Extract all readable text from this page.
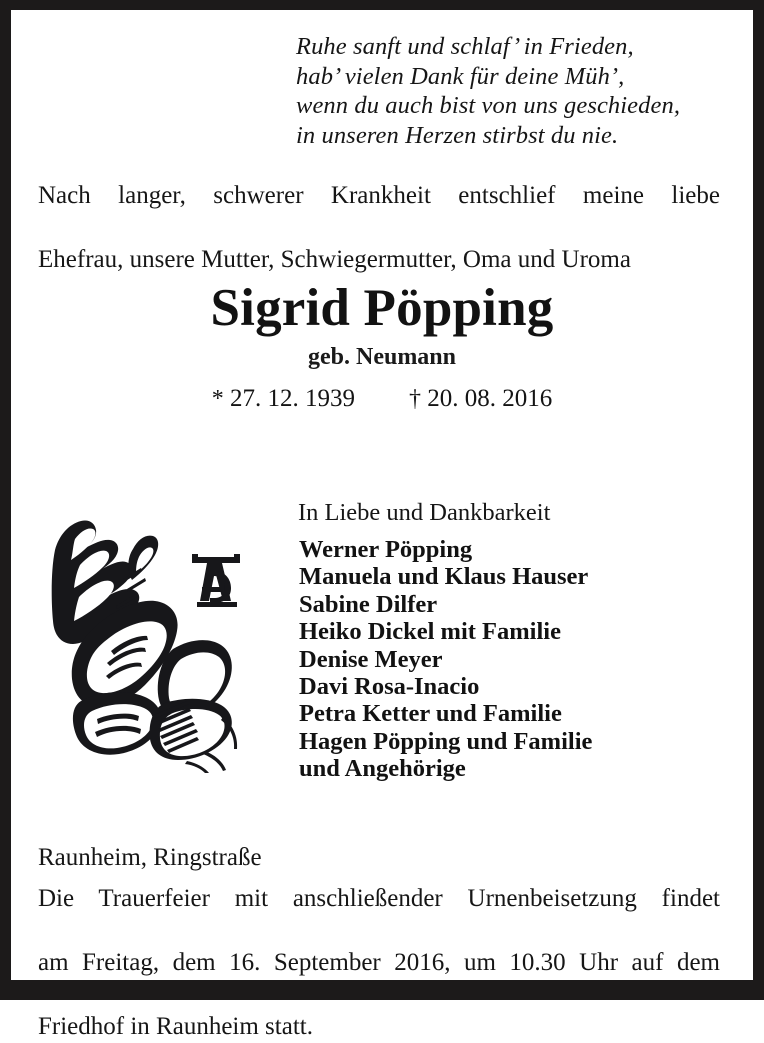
Ruhe sanft und schlaf’ in Frieden,
hab’ vielen Dank für deine Müh’,
wenn du auch bist von uns geschieden,
in unseren Herzen stirbst du nie.
Nach langer, schwerer Krankheit entschlief meine liebe
Ehefrau, unsere Mutter, Schwiegermutter, Oma und Uroma
Sigrid Pöpping
geb. Neumann
* 27. 12. 1939 † 20. 08. 2016
In Liebe und Dankbarkeit
Werner Pöpping
Manuela und Klaus Hauser
Sabine Dilfer
Heiko Dickel mit Familie
Denise Meyer
Davi Rosa-Inacio
Petra Ketter und Familie
Hagen Pöpping und Familie
und Angehörige
Raunheim, Ringstraße
Die Trauerfeier mit anschließender Urnenbeisetzung findet
am Freitag, dem 16. September 2016, um 10.30 Uhr auf dem
Friedhof in Raunheim statt.
